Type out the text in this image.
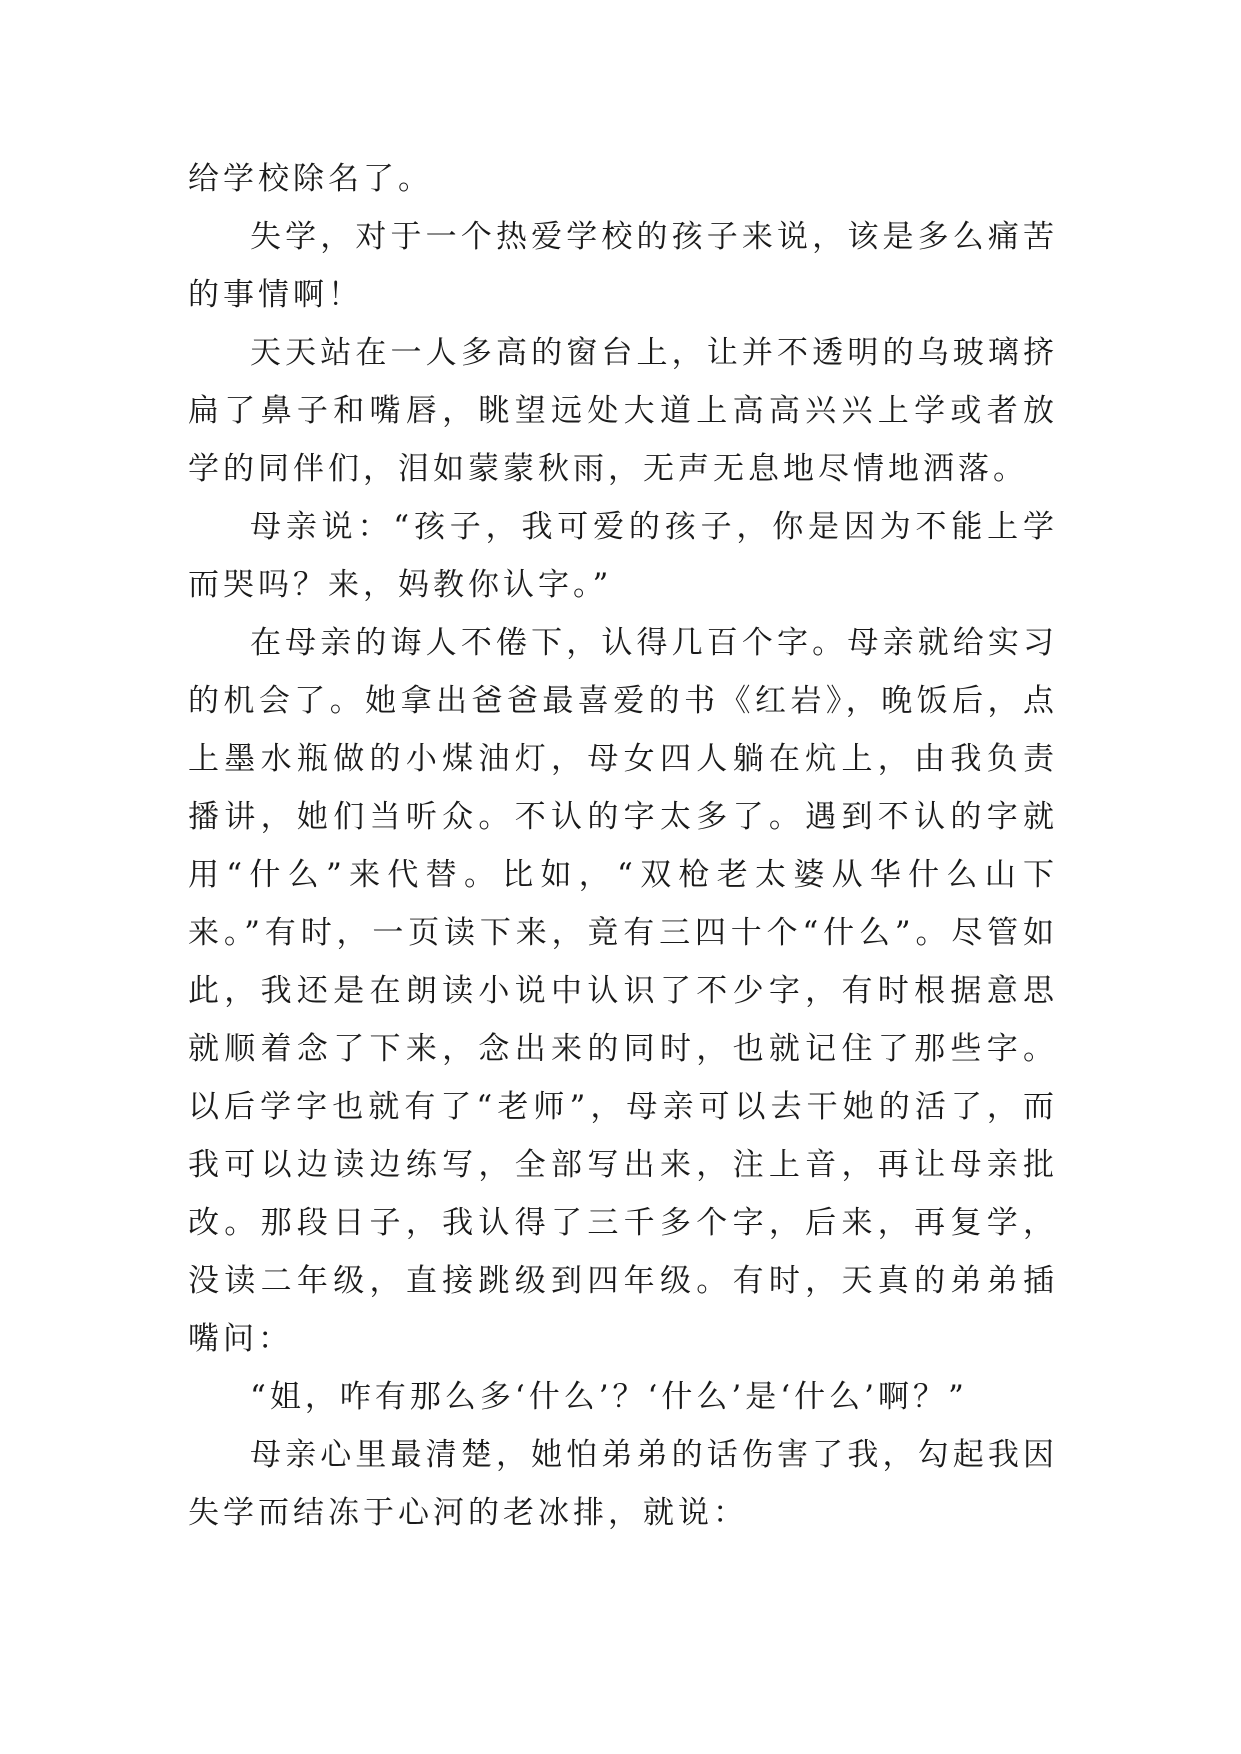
给学校除名了。

失学，对于一个热爱学校的孩子来说，该是多么痛苦的事情啊！

天天站在一人多高的窗台上，让并不透明的乌玻璃挤扁了鼻子和嘴唇，眺望远处大道上高高兴兴上学或者放学的同伴们，泪如蒙蒙秋雨，无声无息地尽情地洒落。

母亲说：“孩子，我可爱的孩子，你是因为不能上学而哭吗？来，妈教你认字。”

在母亲的诲人不倦下，认得几百个字。母亲就给实习的机会了。她拿出爸爸最喜爱的书《红岩》，晚饭后，点上墨水瓶做的小煤油灯，母女四人躺在炕上，由我负责播讲，她们当听众。不认的字太多了。遇到不认的字就用“什么”来代替。比如，“双枪老太婆从华什么山下来。”有时，一页读下来，竟有三四十个“什么”。尽管如此，我还是在朗读小说中认识了不少字，有时根据意思就顺着念了下来，念出来的同时，也就记住了那些字。以后学字也就有了“老师”，母亲可以去干她的活了，而我可以边读边练写，全部写出来，注上音，再让母亲批改。那段日子，我认得了三千多个字，后来，再复学，没读二年级，直接跳级到四年级。有时，天真的弟弟插嘴问：

“姐，咋有那么多‘什么’？‘什么’是‘什么’啊？”

母亲心里最清楚，她怕弟弟的话伤害了我，勾起我因失学而结冻于心河的老冰排，就说：
